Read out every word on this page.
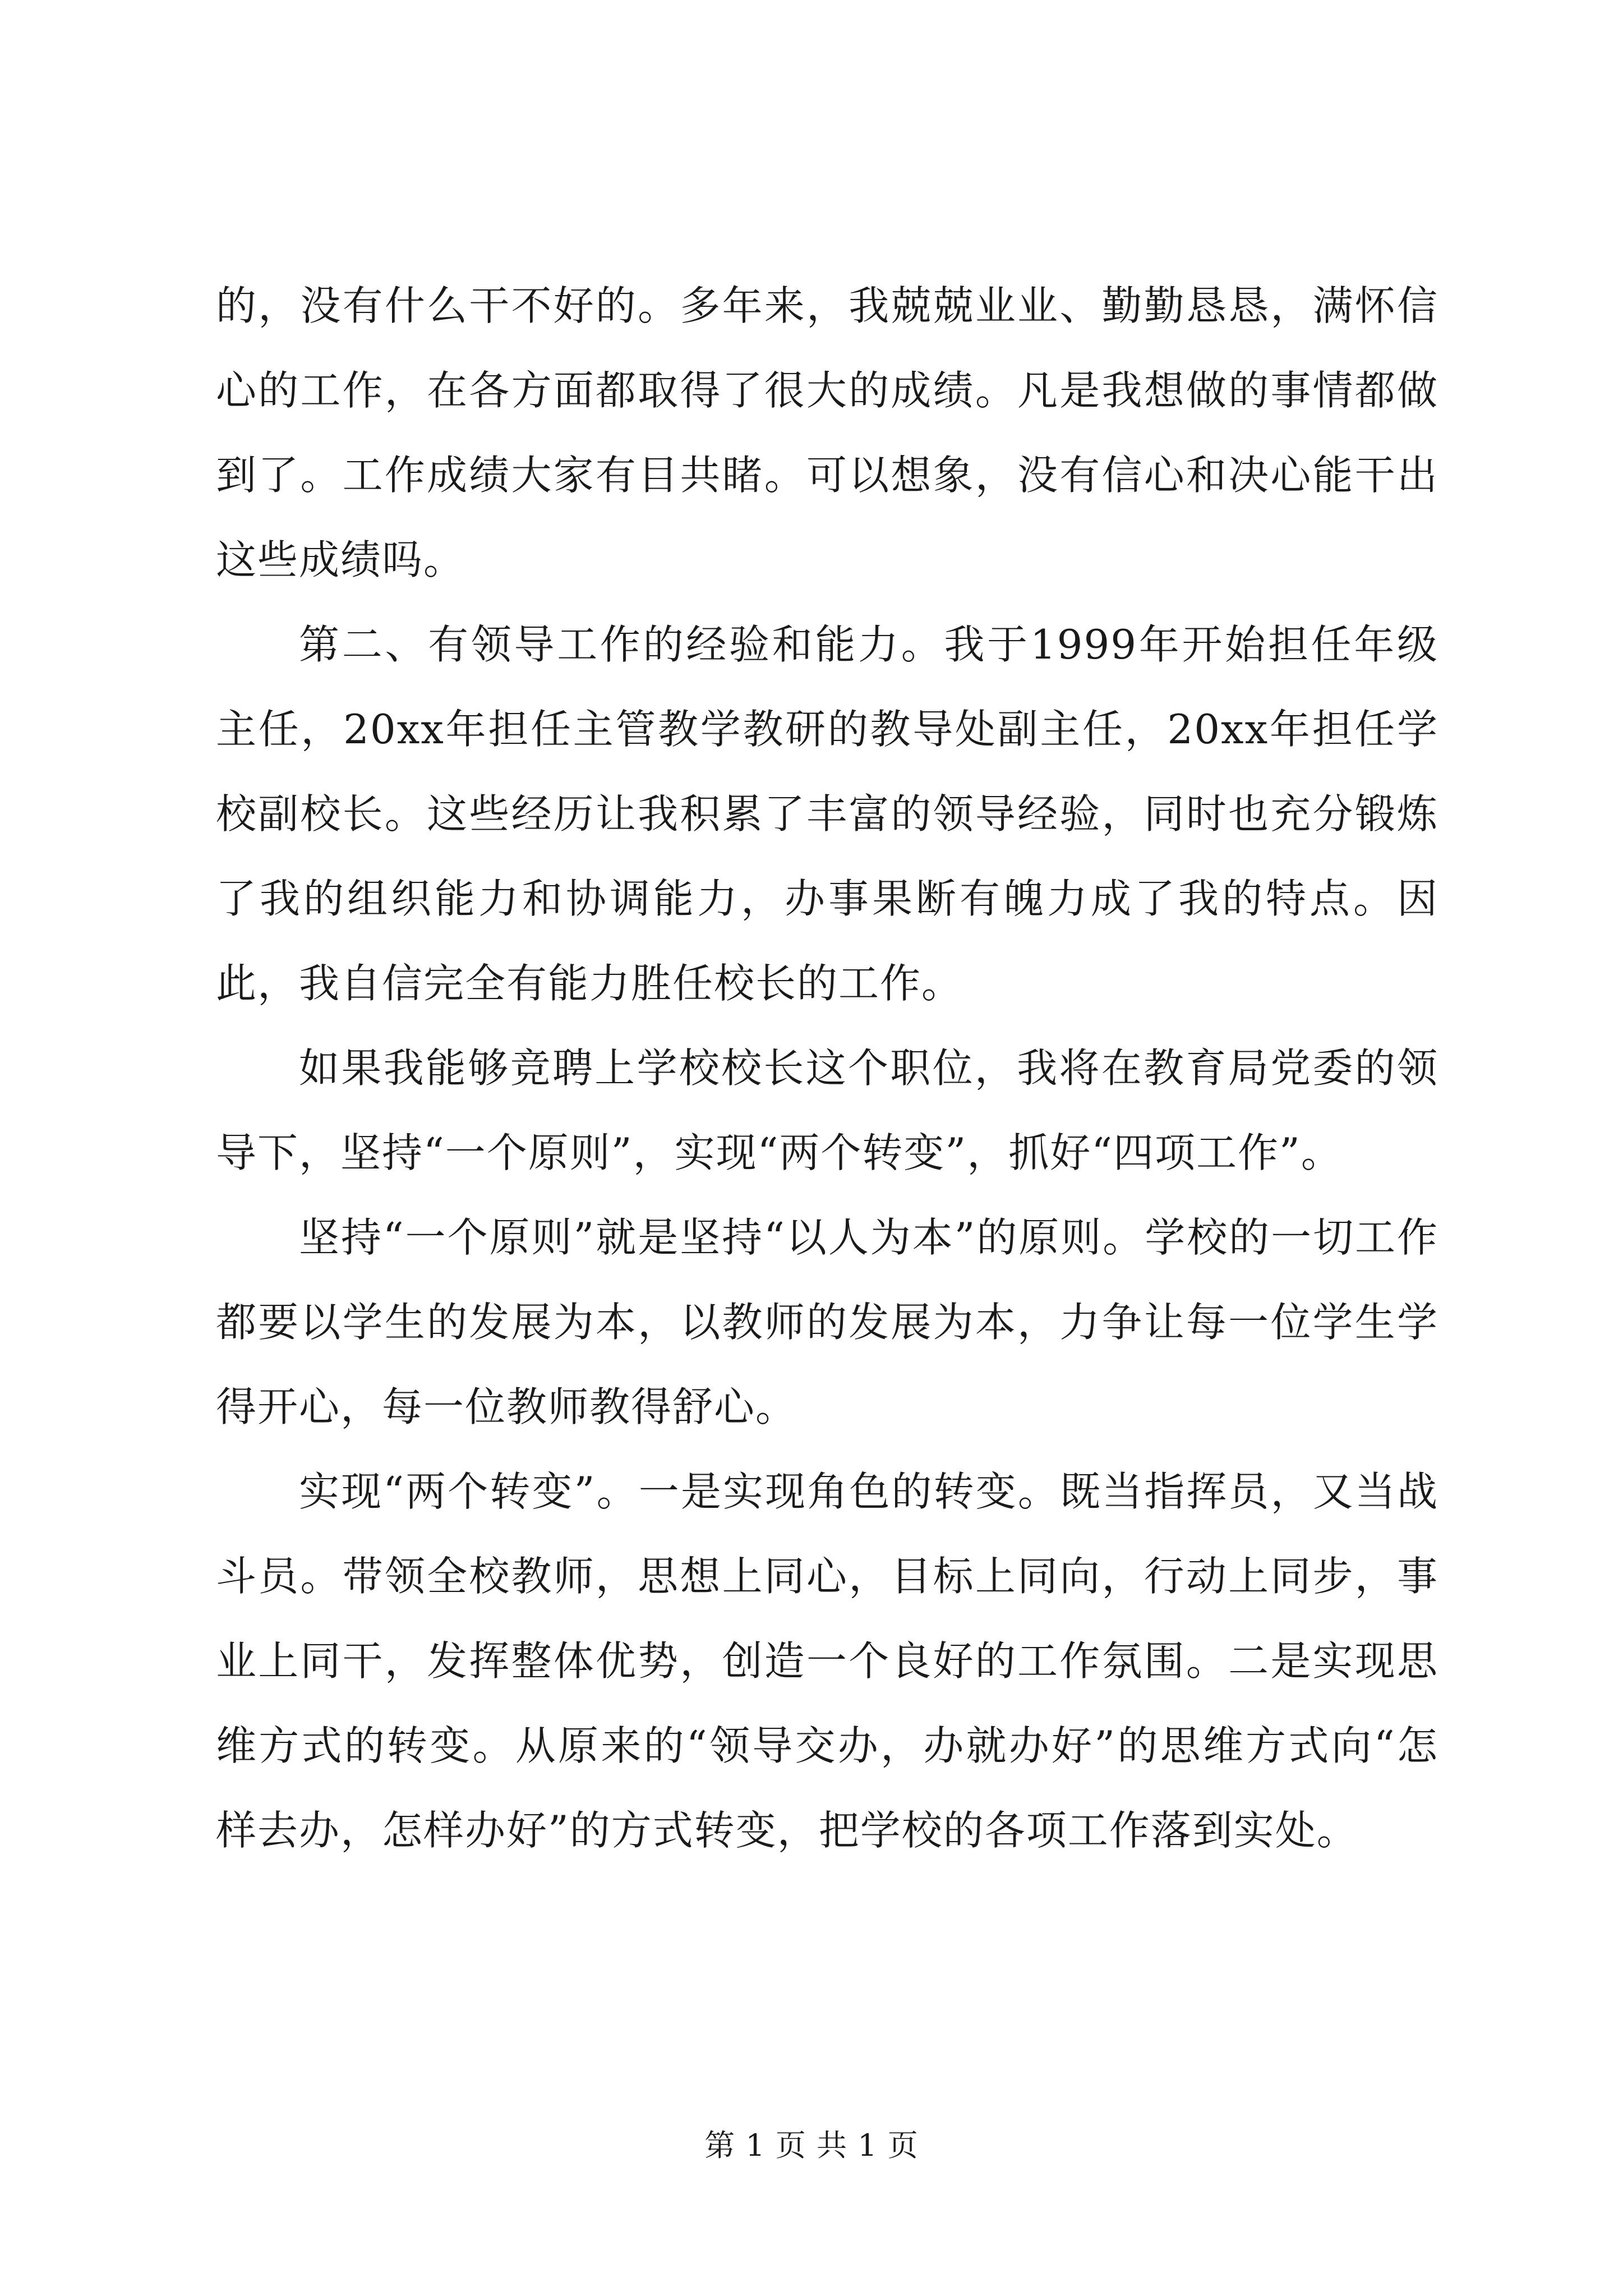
的，没有什么干不好的。多年来，我兢兢业业、勤勤恳恳，满怀信心的工作，在各方面都取得了很大的成绩。凡是我想做的事情都做到了。工作成绩大家有目共睹。可以想象，没有信心和决心能干出这些成绩吗。

第二、有领导工作的经验和能力。我于1999年开始担任年级主任，20xx年担任主管教学教研的教导处副主任，20xx年担任学校副校长。这些经历让我积累了丰富的领导经验，同时也充分锻炼了我的组织能力和协调能力，办事果断有魄力成了我的特点。因此，我自信完全有能力胜任校长的工作。

如果我能够竞聘上学校校长这个职位，我将在教育局党委的领导下，坚持“一个原则”，实现“两个转变”，抓好“四项工作”。

坚持“一个原则”就是坚持“以人为本”的原则。学校的一切工作都要以学生的发展为本，以教师的发展为本，力争让每一位学生学得开心，每一位教师教得舒心。

实现“两个转变”。一是实现角色的转变。既当指挥员，又当战斗员。带领全校教师，思想上同心，目标上同向，行动上同步，事业上同干，发挥整体优势，创造一个良好的工作氛围。二是实现思维方式的转变。从原来的“领导交办，办就办好”的思维方式向“怎样去办，怎样办好”的方式转变，把学校的各项工作落到实处。

第 1 页 共 1 页
